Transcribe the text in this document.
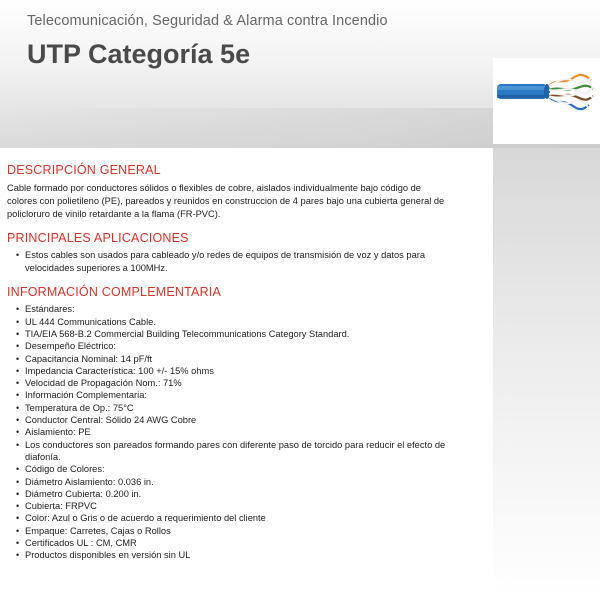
Telecomunicación, Seguridad & Alarma contra Incendio
UTP Categoría 5e
DESCRIPCIÓN GENERAL

Cable formado por conductores sólidos o flexibles de cobre, aislados individualmente bajo código de colores con polietileno (PE), pareados y reunidos en construccion de 4 pares bajo una cubierta general de policloruro de vinilo retardante a la flama (FR-PVC).

PRINCIPALES APLICACIONES
• Estos cables son usados para cableado y/o redes de equipos de transmisión de voz y datos para velocidades superiores a 100MHz.
INFORMACIÓN COMPLEMENTARIA
• Estándares:
• UL 444 Communications Cable.
• TIA/EIA 568-B.2 Commercial Building Telecommunications Category Standard.
• Desempeño Eléctrico:
• Capacitancia Nominal: 14 pF/ft
• Impedancia Característica: 100 +/- 15% ohms
• Velocidad de Propagación Nom.: 71%
• Información Complementaria:
• Temperatura de Op.: 75°C
• Conductor Central: Sólido 24 AWG Cobre
• Aislamiento: PE
• Los conductores son pareados formando pares con diferente paso de torcido para reducir el efecto de diafonía.
• Código de Colores:
• Diámetro Aislamiento: 0.036 in.
• Diámetro Cubierta: 0.200 in.
• Cubierta: FRPVC
• Color: Azul o Gris o de acuerdo a requerimiento del cliente
• Empaque: Carretes, Cajas o Rollos
• Certificados UL : CM, CMR
• Productos disponibles en versión sin UL
